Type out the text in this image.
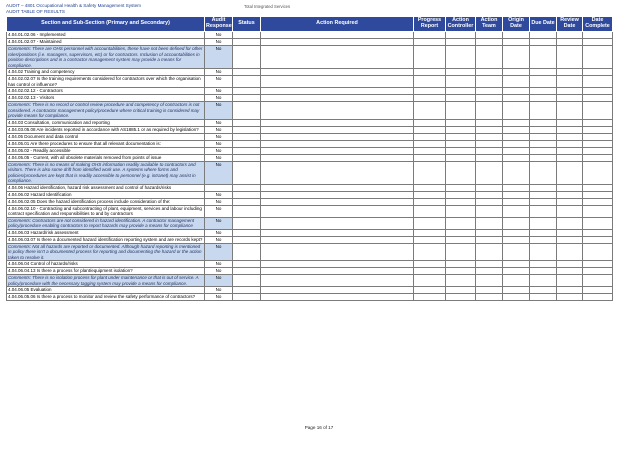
AUDIT – 4801 Occupational Health & Safety Management System
AUDIT TABLE OF RESULTS
Total Integrated Services
Section and Sub-Section (Primary and Secondary)	Audit Response	Status	Action Required	Progress Report	Action Controller	Action Team	Origin Date	Due Date	Review Date	Date Complete
4.04.01.02.06 - Implemented	No									
4.04.01.02.07 - Maintained	No									
Comments: There are OHS personnel with accountabilities, these have not been defined for other roles/positions (i.e. managers, supervisors, etc) or for contractors. Inclusion of accountabilities in position descriptions and in a contractor management system may provide a means for compliance.	No									
4.04.02 Training and competency	No									
4.04.02.02.07 Is the training requirements considered for contractors over which the organisation has control or influence?	No									
4.04.02.02.12 - Contractors	No									
4.04.02.02.13 - Visitors	No									
Comments: There is no record or control review procedure and competency of contractors is not considered. A contractor management policy/procedure where critical training is considered may provide means for compliance.	No									
4.04.03 Consultation, communication and reporting	No									
4.04.03.05.08 Are incidents reported in accordance with AS1885.1 or as required by legislation?	No									
4.04.05 Document and data control	No									
4.04.05.01 Are there procedures to ensure that all relevant documentation is:	No									
4.04.05.02 - Readily accessible	No									
4.04.05.05 - Current, with all obsolete materials removed from points of issue	No									
Comments: There is no means of making OHS information readily available to contractors and visitors. There is also some drift from identified work use. A systems where forms and policies/procedures are kept that is readily accessible to personnel (e.g. intranet) may assist in compliance.	No									
4.04.06 Hazard identification, hazard risk assessment and control of hazards/risks										
4.04.06.02 Hazard Identification	No									
4.04.06.02.05 Does the hazard identification process include consideration of the:	No									
4.04.06.02.10 - Contracting and subcontracting of plant, equipment, services and labour including contract specification and responsibilities to and by contractors	No									
Comments: Contractors are not considered in hazard identification. A contractor management policy/procedure enabling contractors to report hazards may provide a means for compliance	No									
4.04.06.03 Hazard/risk assessment	No									
4.04.06.03.07 Is there a documented hazard identification reporting system and are records kept?	No									
Comments: Not all hazards are reported or documented. Although hazard reporting is mentioned in policy there isn't a documented process for reporting and documenting the hazard or the action taken to resolve it.	No									
4.04.06.04 Control of hazards/risks	No									
4.04.06.04.13 Is there a process for plant/equipment isolation?	No									
Comments: There is no isolation process for plant under maintenance or that is out of service. A policy/procedure with the necessary tagging system may provide a means for compliance.	No									
4.04.06.05 Evaluation	No									
4.04.06.05.06 Is there a process to monitor and review the safety performance of contractors?	No									
Page 16 of 17
